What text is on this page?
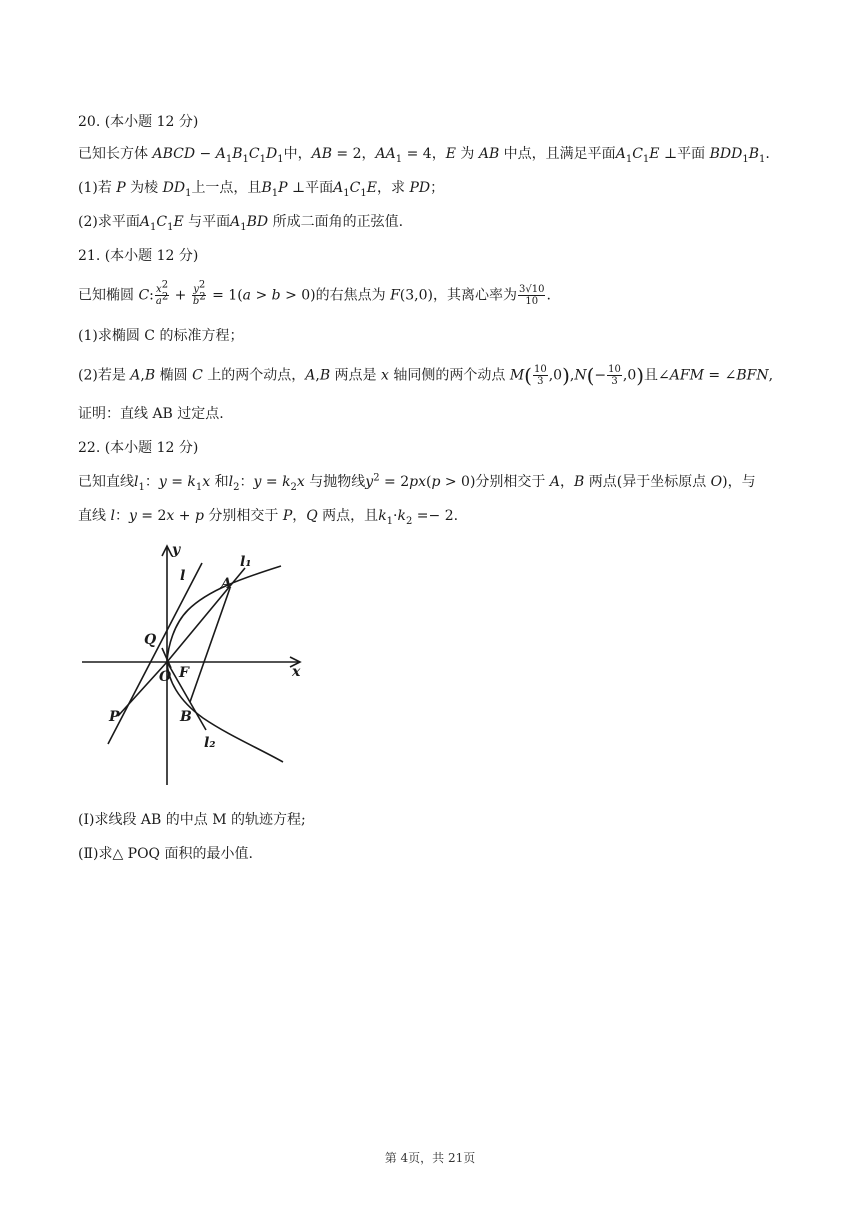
20. (本小题 12 分)
已知长方体 ABCD − $A_1B_1C_1D_1$中，AB = 2，$AA_1 = 4$，E 为 AB 中点，且满足平面$A_1C_1E$ ⊥平面 $BDD_1B_1$.
(1)若 P 为棱 $DD_1$上一点，且$B_1P$ ⊥平面$A_1C_1E$，求 PD；
(2)求平面$A_1C_1E$ 与平面$A_1BD$ 所成二面角的正弦值.
21. (本小题 12 分)
已知椭圆 C: $\frac{x^2}{a^2} + \frac{y^2}{b^2} = 1(a > b > 0)$的右焦点为 F(3,0)，其离心率为 $\frac{3√10}{10}$ .
(1)求椭圆 C 的标准方程；
(2)若是 A,B 椭圆 C 上的两个动点，A,B 两点是 x 轴同侧的两个动点 $M( \frac{10}{3} ,0),N(- \frac{10}{3} ,0)$且∠AFM = ∠BFN,
证明：直线 AB 过定点.
22. (本小题 12 分)
已知直线$l_1$：$y = k_1x$ 和$l_2$：$y = k_2x$ 与抛物线$y^2 = 2px(p > 0)$分别相交于 A，B 两点(异于坐标原点 O)，与
直线 l：y = 2x + p 分别相交于 P，Q 两点，且$k_1\cdot k_2 =- 2$.
y
x
l
l₁
l₂
A
B
Q
P
O F
(Ⅰ)求线段 AB 的中点 M 的轨迹方程;
(Ⅱ)求△ POQ 面积的最小值.
第 4页，共 21页
